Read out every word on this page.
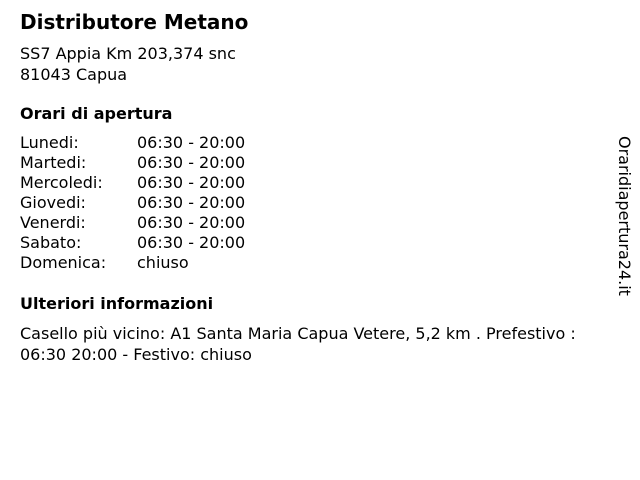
Distributore Metano
SS7 Appia Km 203,374 snc
81043 Capua
Orari di apertura
Lunedi:	06:30 - 20:00
Martedi:	06:30 - 20:00
Mercoledi:	06:30 - 20:00
Giovedi:	06:30 - 20:00
Venerdi:	06:30 - 20:00
Sabato:	06:30 - 20:00
Domenica:	chiuso
Ulteriori informazioni
Casello più vicino: A1 Santa Maria Capua Vetere, 5,2 km . Prefestivo : 06:30 20:00 - Festivo: chiuso
Oraridiapertura24.it
